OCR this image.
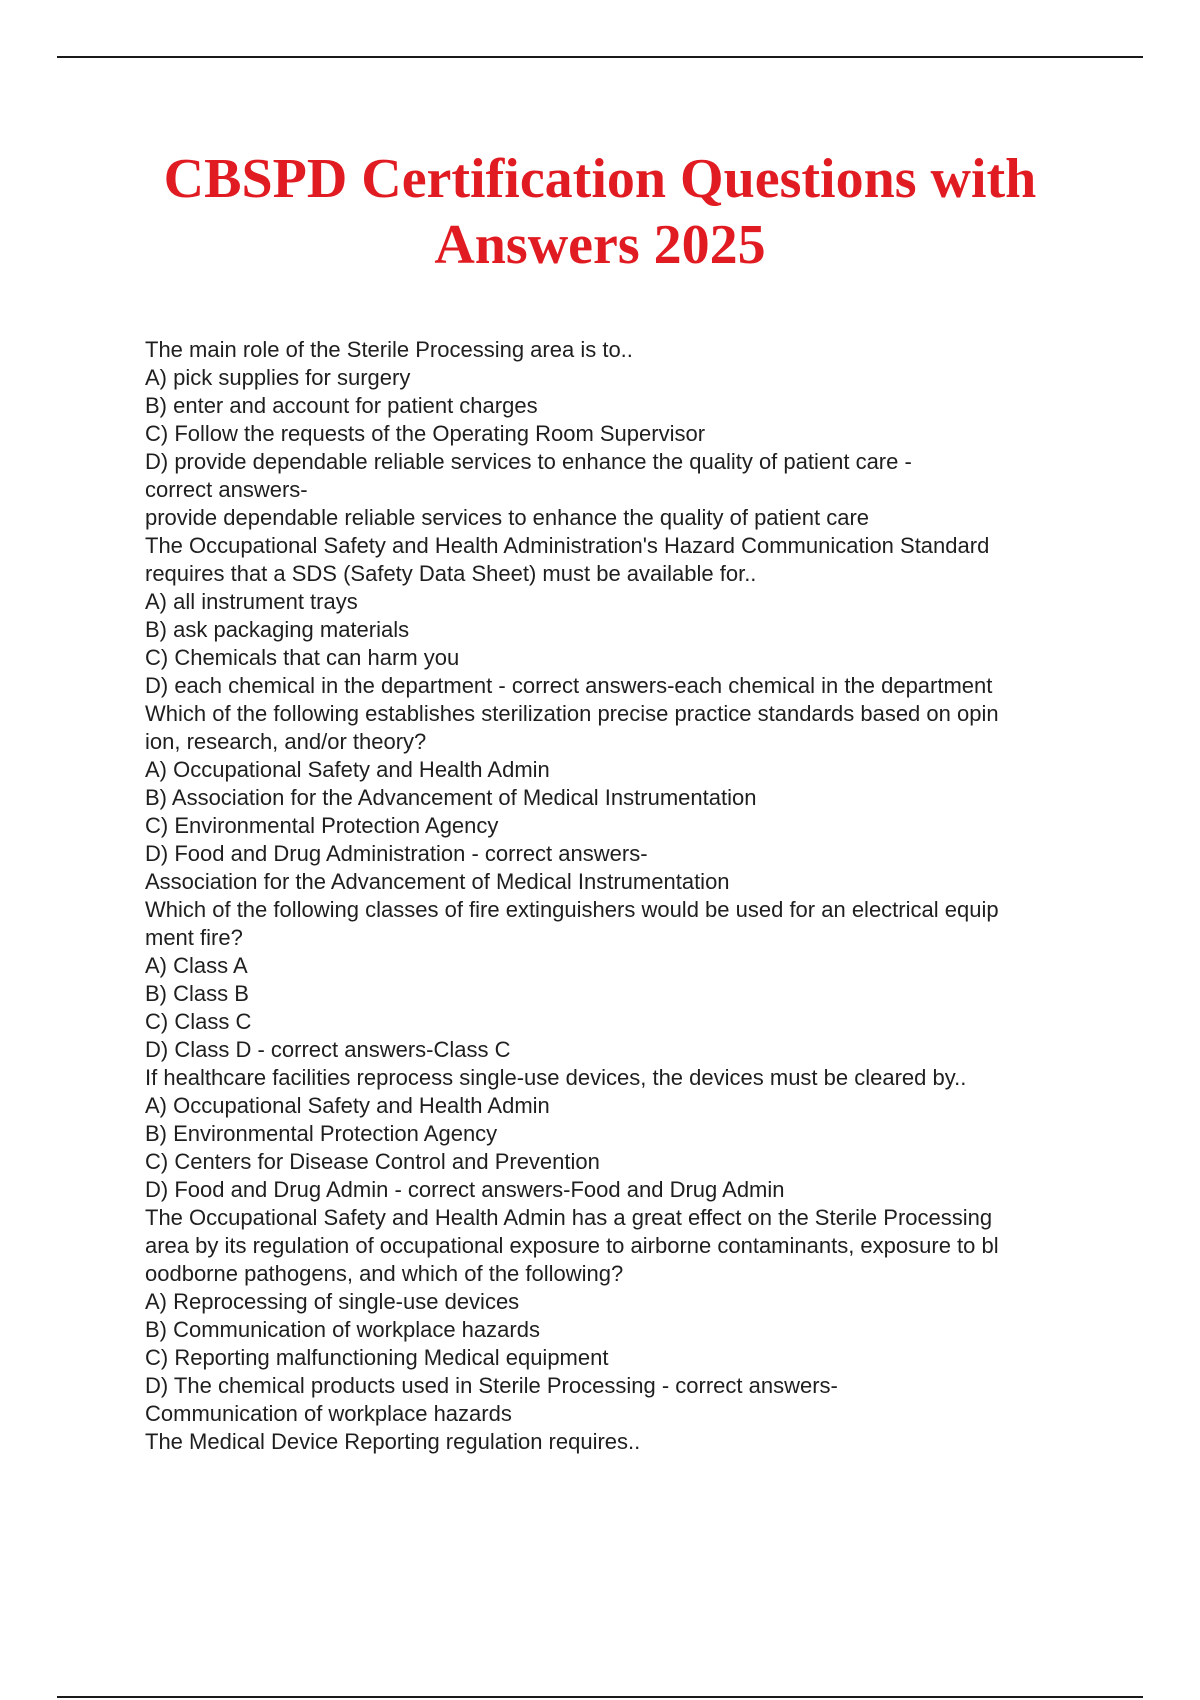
CBSPD Certification Questions with
Answers 2025
The main role of the Sterile Processing area is to..
A) pick supplies for surgery
B) enter and account for patient charges
C) Follow the requests of the Operating Room Supervisor
D) provide dependable reliable services to enhance the quality of patient care -
correct answers-
provide dependable reliable services to enhance the quality of patient care
The Occupational Safety and Health Administration's Hazard Communication Standard
requires that a SDS (Safety Data Sheet) must be available for..
A) all instrument trays
B) ask packaging materials
C) Chemicals that can harm you
D) each chemical in the department - correct answers-each chemical in the department
Which of the following establishes sterilization precise practice standards based on opin
ion, research, and/or theory?
A) Occupational Safety and Health Admin
B) Association for the Advancement of Medical Instrumentation
C) Environmental Protection Agency
D) Food and Drug Administration - correct answers-
Association for the Advancement of Medical Instrumentation
Which of the following classes of fire extinguishers would be used for an electrical equip
ment fire?
A) Class A
B) Class B
C) Class C
D) Class D - correct answers-Class C
If healthcare facilities reprocess single-use devices, the devices must be cleared by..
A) Occupational Safety and Health Admin
B) Environmental Protection Agency
C) Centers for Disease Control and Prevention
D) Food and Drug Admin - correct answers-Food and Drug Admin
The Occupational Safety and Health Admin has a great effect on the Sterile Processing
area by its regulation of occupational exposure to airborne contaminants, exposure to bl
oodborne pathogens, and which of the following?
A) Reprocessing of single-use devices
B) Communication of workplace hazards
C) Reporting malfunctioning Medical equipment
D) The chemical products used in Sterile Processing - correct answers-
Communication of workplace hazards
The Medical Device Reporting regulation requires..
